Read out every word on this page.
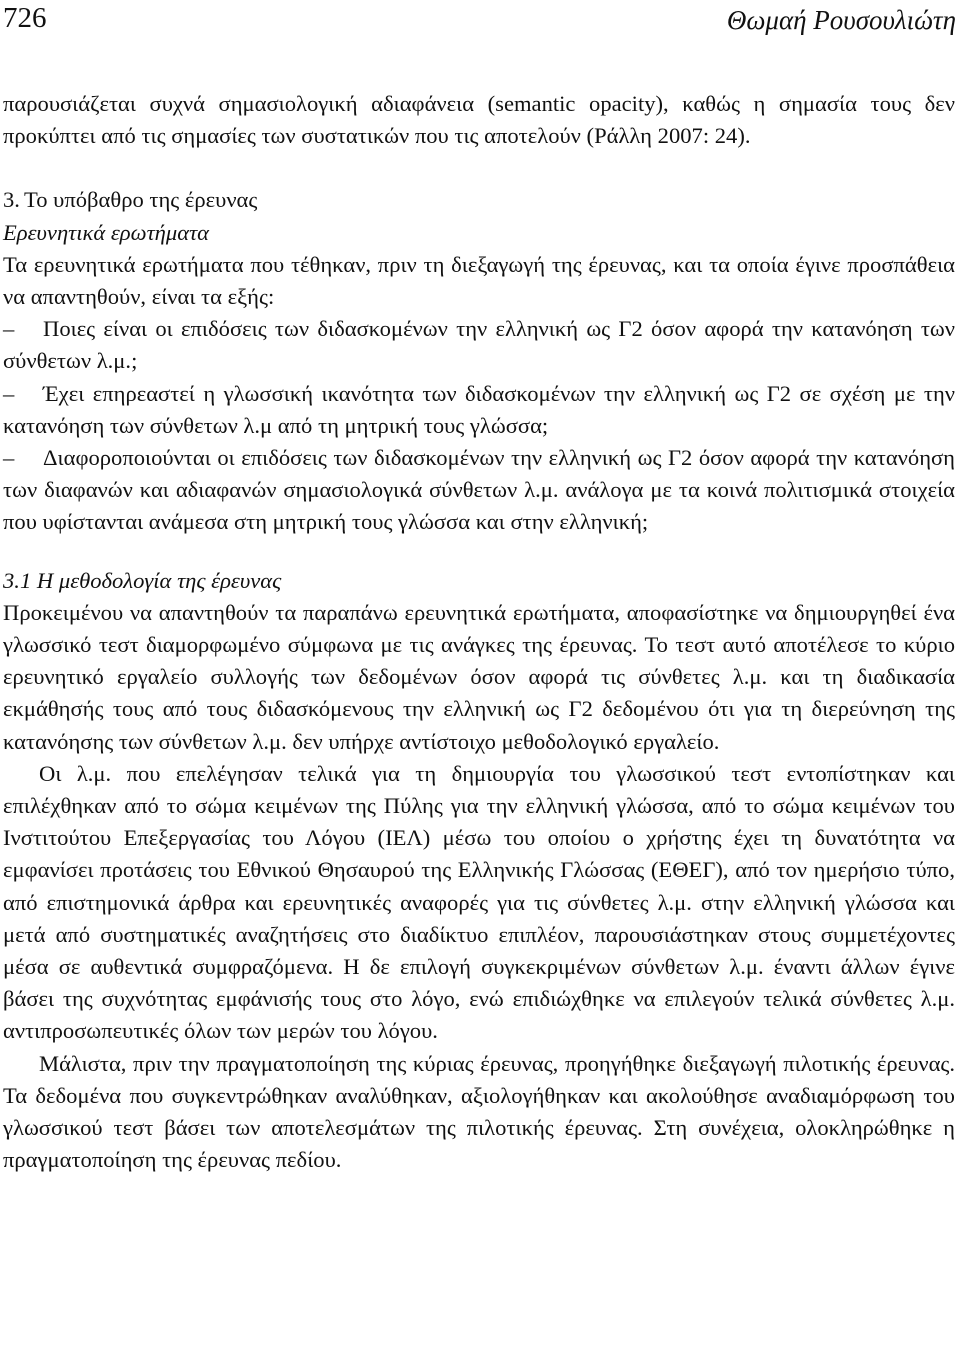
726	Θωμαή Ρουσουλιώτη

παρουσιάζεται συχνά σημασιολογική αδιαφάνεια (semantic opacity), καθώς η σημασία τους δεν προκύπτει από τις σημασίες των συστατικών που τις αποτελούν (Ράλλη 2007: 24).

3. Το υπόβαθρο της έρευνας

Ερευνητικά ερωτήματα

Τα ερευνητικά ερωτήματα που τέθηκαν, πριν τη διεξαγωγή της έρευνας, και τα οποία έγινε προσπάθεια να απαντηθούν, είναι τα εξής:

– Ποιες είναι οι επιδόσεις των διδασκομένων την ελληνική ως Γ2 όσον αφορά την κατανόηση των σύνθετων λ.μ.;

– Έχει επηρεαστεί η γλωσσική ικανότητα των διδασκομένων την ελληνική ως Γ2 σε σχέση με την κατανόηση των σύνθετων λ.μ από τη μητρική τους γλώσσα;

– Διαφοροποιούνται οι επιδόσεις των διδασκομένων την ελληνική ως Γ2 όσον αφορά την κατανόηση των διαφανών και αδιαφανών σημασιολογικά σύνθετων λ.μ. ανάλογα με τα κοινά πολιτισμικά στοιχεία που υφίστανται ανάμεσα στη μητρική τους γλώσσα και στην ελληνική;

3.1 Η μεθοδολογία της έρευνας

Προκειμένου να απαντηθούν τα παραπάνω ερευνητικά ερωτήματα, αποφασίστηκε να δημιουργηθεί ένα γλωσσικό τεστ διαμορφωμένο σύμφωνα με τις ανάγκες της έρευνας. Το τεστ αυτό αποτέλεσε το κύριο ερευνητικό εργαλείο συλλογής των δεδομένων όσον αφορά τις σύνθετες λ.μ. και τη διαδικασία εκμάθησής τους από τους διδασκόμενους την ελληνική ως Γ2 δεδομένου ότι για τη διερεύνηση της κατανόησης των σύνθετων λ.μ. δεν υπήρχε αντίστοιχο μεθοδολογικό εργαλείο.

Οι λ.μ. που επελέγησαν τελικά για τη δημιουργία του γλωσσικού τεστ εντοπίστηκαν και επιλέχθηκαν από το σώμα κειμένων της Πύλης για την ελληνική γλώσσα, από το σώμα κειμένων του Ινστιτούτου Επεξεργασίας του Λόγου (ΙΕΛ) μέσω του οποίου ο χρήστης έχει τη δυνατότητα να εμφανίσει προτάσεις του Εθνικού Θησαυρού της Ελληνικής Γλώσσας (ΕΘΕΓ), από τον ημερήσιο τύπο, από επιστημονικά άρθρα και ερευνητικές αναφορές για τις σύνθετες λ.μ. στην ελληνική γλώσσα και μετά από συστηματικές αναζητήσεις στο διαδίκτυο επιπλέον, παρουσιάστηκαν στους συμμετέχοντες μέσα σε αυθεντικά συμφραζόμενα. Η δε επιλογή συγκεκριμένων σύνθετων λ.μ. έναντι άλλων έγινε βάσει της συχνότητας εμφάνισής τους στο λόγο, ενώ επιδιώχθηκε να επιλεγούν τελικά σύνθετες λ.μ. αντιπροσωπευτικές όλων των μερών του λόγου.

Μάλιστα, πριν την πραγματοποίηση της κύριας έρευνας, προηγήθηκε διεξαγωγή πιλοτικής έρευνας. Τα δεδομένα που συγκεντρώθηκαν αναλύθηκαν, αξιολογήθηκαν και ακολούθησε αναδιαμόρφωση του γλωσσικού τεστ βάσει των αποτελεσμάτων της πιλοτικής έρευνας. Στη συνέχεια, ολοκληρώθηκε η πραγματοποίηση της έρευνας πεδίου.
